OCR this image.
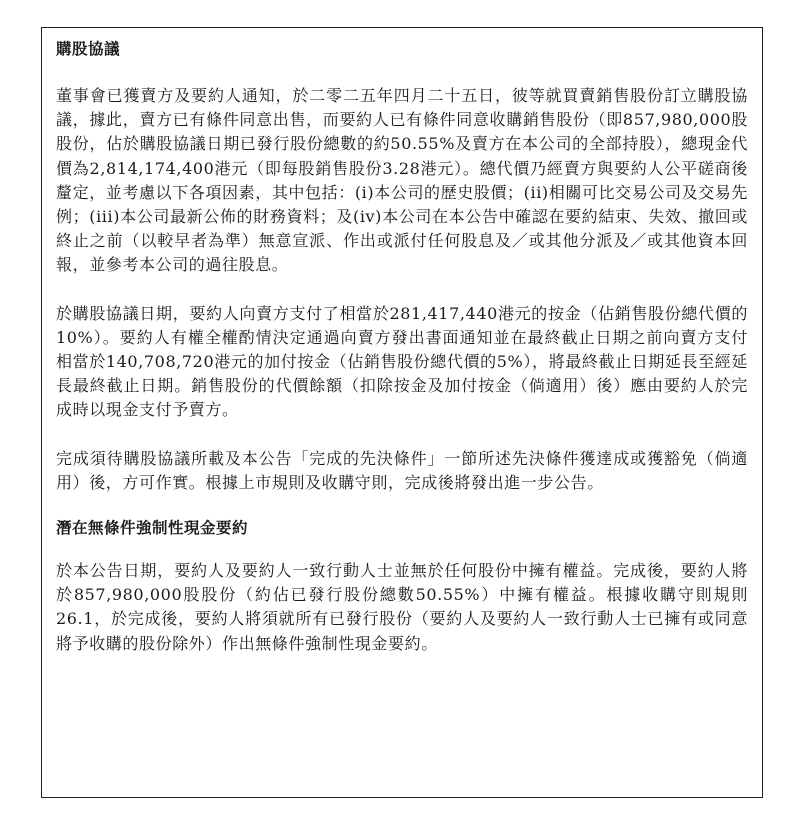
購股協議

董事會已獲賣方及要約人通知，於二零二五年四月二十五日，彼等就買賣銷售股份訂立購股協議，據此，賣方已有條件同意出售，而要約人已有條件同意收購銷售股份（即857,980,000股股份，佔於購股協議日期已發行股份總數的約50.55%及賣方在本公司的全部持股），總現金代價為2,814,174,400港元（即每股銷售股份3.28港元）。總代價乃經賣方與要約人公平磋商後釐定，並考慮以下各項因素，其中包括：(i)本公司的歷史股價；(ii)相關可比交易公司及交易先例；(iii)本公司最新公佈的財務資料；及(iv)本公司在本公告中確認在要約結束、失效、撤回或終止之前（以較早者為準）無意宣派、作出或派付任何股息及／或其他分派及／或其他資本回報，並參考本公司的過往股息。

於購股協議日期，要約人向賣方支付了相當於281,417,440港元的按金（佔銷售股份總代價的10%）。要約人有權全權酌情決定通過向賣方發出書面通知並在最終截止日期之前向賣方支付相當於140,708,720港元的加付按金（佔銷售股份總代價的5%），將最終截止日期延長至經延長最終截止日期。銷售股份的代價餘額（扣除按金及加付按金（倘適用）後）應由要約人於完成時以現金支付予賣方。

完成須待購股協議所載及本公告「完成的先決條件」一節所述先決條件獲達成或獲豁免（倘適用）後，方可作實。根據上市規則及收購守則，完成後將發出進一步公告。

潛在無條件強制性現金要約

於本公告日期，要約人及要約人一致行動人士並無於任何股份中擁有權益。完成後，要約人將於857,980,000股股份（約佔已發行股份總數50.55%）中擁有權益。根據收購守則規則26.1，於完成後，要約人將須就所有已發行股份（要約人及要約人一致行動人士已擁有或同意將予收購的股份除外）作出無條件強制性現金要約。
